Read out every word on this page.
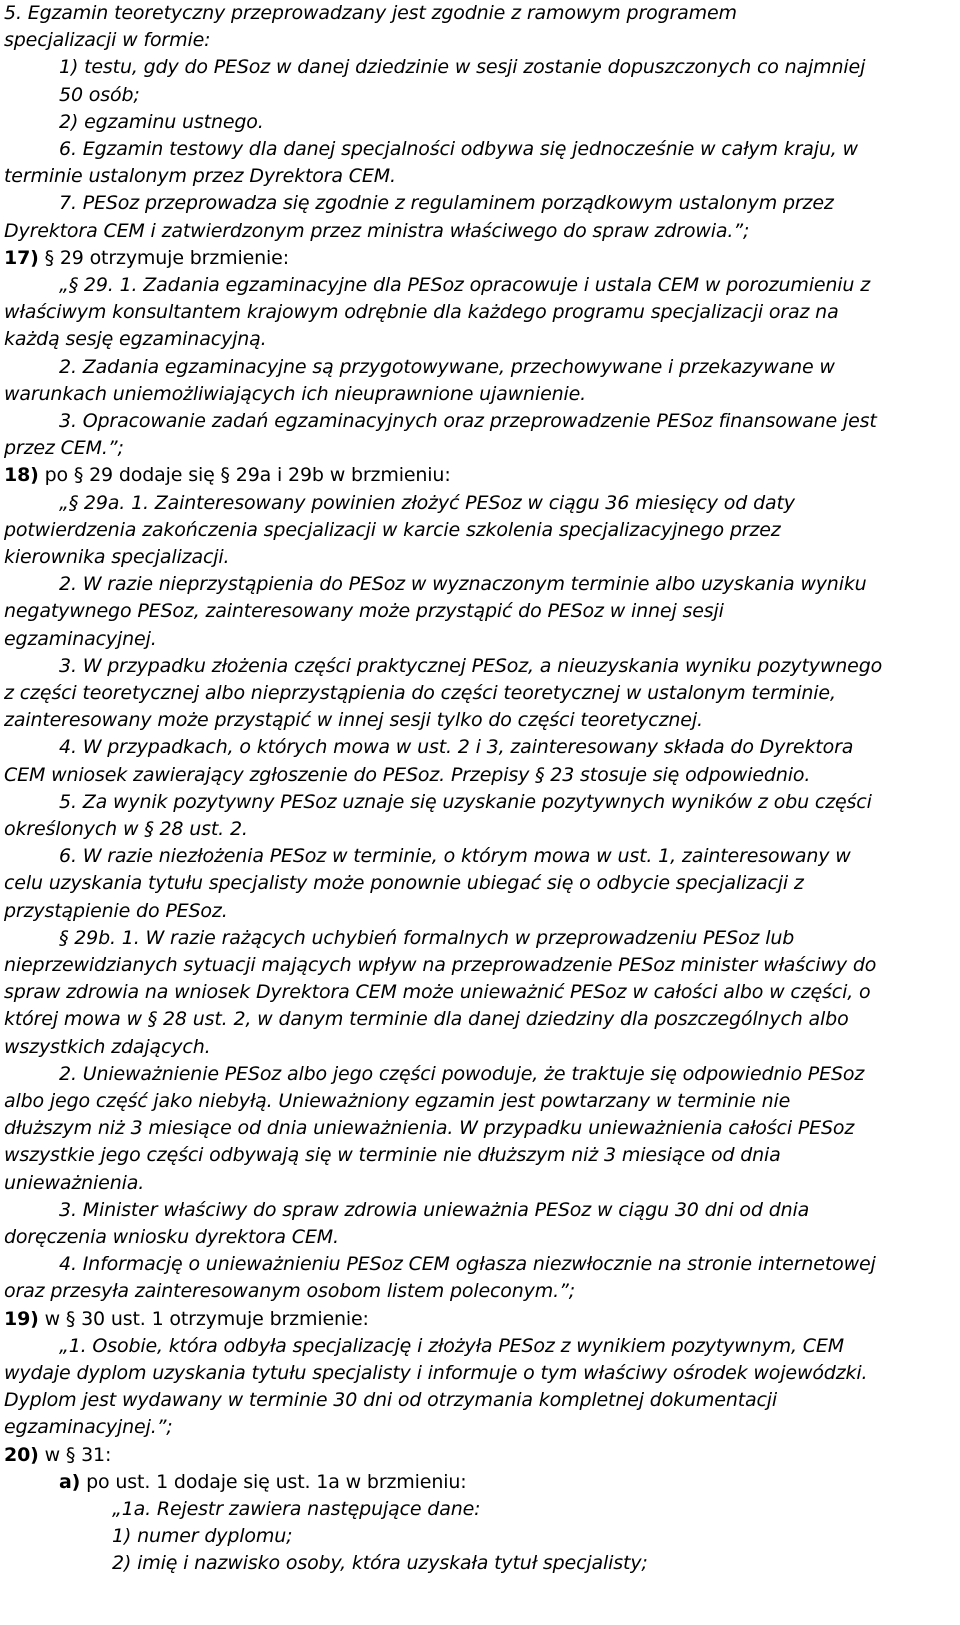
5. Egzamin teoretyczny przeprowadzany jest zgodnie z ramowym programem
specjalizacji w formie:
1) testu, gdy do PESoz w danej dziedzinie w sesji zostanie dopuszczonych co najmniej
50 osób;
2) egzaminu ustnego.
6. Egzamin testowy dla danej specjalności odbywa się jednocześnie w całym kraju, w
terminie ustalonym przez Dyrektora CEM.
7. PESoz przeprowadza się zgodnie z regulaminem porządkowym ustalonym przez
Dyrektora CEM i zatwierdzonym przez ministra właściwego do spraw zdrowia.”;
17) § 29 otrzymuje brzmienie:
„§ 29. 1. Zadania egzaminacyjne dla PESoz opracowuje i ustala CEM w porozumieniu z
właściwym konsultantem krajowym odrębnie dla każdego programu specjalizacji oraz na
każdą sesję egzaminacyjną.
2. Zadania egzaminacyjne są przygotowywane, przechowywane i przekazywane w
warunkach uniemożliwiających ich nieuprawnione ujawnienie.
3. Opracowanie zadań egzaminacyjnych oraz przeprowadzenie PESoz finansowane jest
przez CEM.”;
18) po § 29 dodaje się § 29a i 29b w brzmieniu:
„§ 29a. 1. Zainteresowany powinien złożyć PESoz w ciągu 36 miesięcy od daty
potwierdzenia zakończenia specjalizacji w karcie szkolenia specjalizacyjnego przez
kierownika specjalizacji.
2. W razie nieprzystąpienia do PESoz w wyznaczonym terminie albo uzyskania wyniku
negatywnego PESoz, zainteresowany może przystąpić do PESoz w innej sesji
egzaminacyjnej.
3. W przypadku złożenia części praktycznej PESoz, a nieuzyskania wyniku pozytywnego
z części teoretycznej albo nieprzystąpienia do części teoretycznej w ustalonym terminie,
zainteresowany może przystąpić w innej sesji tylko do części teoretycznej.
4. W przypadkach, o których mowa w ust. 2 i 3, zainteresowany składa do Dyrektora
CEM wniosek zawierający zgłoszenie do PESoz. Przepisy § 23 stosuje się odpowiednio.
5. Za wynik pozytywny PESoz uznaje się uzyskanie pozytywnych wyników z obu części
określonych w § 28 ust. 2.
6. W razie niezłożenia PESoz w terminie, o którym mowa w ust. 1, zainteresowany w
celu uzyskania tytułu specjalisty może ponownie ubiegać się o odbycie specjalizacji z
przystąpienie do PESoz.
§ 29b. 1. W razie rażących uchybień formalnych w przeprowadzeniu PESoz lub
nieprzewidzianych sytuacji mających wpływ na przeprowadzenie PESoz minister właściwy do
spraw zdrowia na wniosek Dyrektora CEM może unieważnić PESoz w całości albo w części, o
której mowa w § 28 ust. 2, w danym terminie dla danej dziedziny dla poszczególnych albo
wszystkich zdających.
2. Unieważnienie PESoz albo jego części powoduje, że traktuje się odpowiednio PESoz
albo jego część jako niebyłą. Unieważniony egzamin jest powtarzany w terminie nie
dłuższym niż 3 miesiące od dnia unieważnienia. W przypadku unieważnienia całości PESoz
wszystkie jego części odbywają się w terminie nie dłuższym niż 3 miesiące od dnia
unieważnienia.
3. Minister właściwy do spraw zdrowia unieważnia PESoz w ciągu 30 dni od dnia
doręczenia wniosku dyrektora CEM.
4. Informację o unieważnieniu PESoz CEM ogłasza niezwłocznie na stronie internetowej
oraz przesyła zainteresowanym osobom listem poleconym.”;
19) w § 30 ust. 1 otrzymuje brzmienie:
„1. Osobie, która odbyła specjalizację i złożyła PESoz z wynikiem pozytywnym, CEM
wydaje dyplom uzyskania tytułu specjalisty i informuje o tym właściwy ośrodek wojewódzki.
Dyplom jest wydawany w terminie 30 dni od otrzymania kompletnej dokumentacji
egzaminacyjnej.”;
20) w § 31:
a) po ust. 1 dodaje się ust. 1a w brzmieniu:
„1a. Rejestr zawiera następujące dane:
1) numer dyplomu;
2) imię i nazwisko osoby, która uzyskała tytuł specjalisty;
